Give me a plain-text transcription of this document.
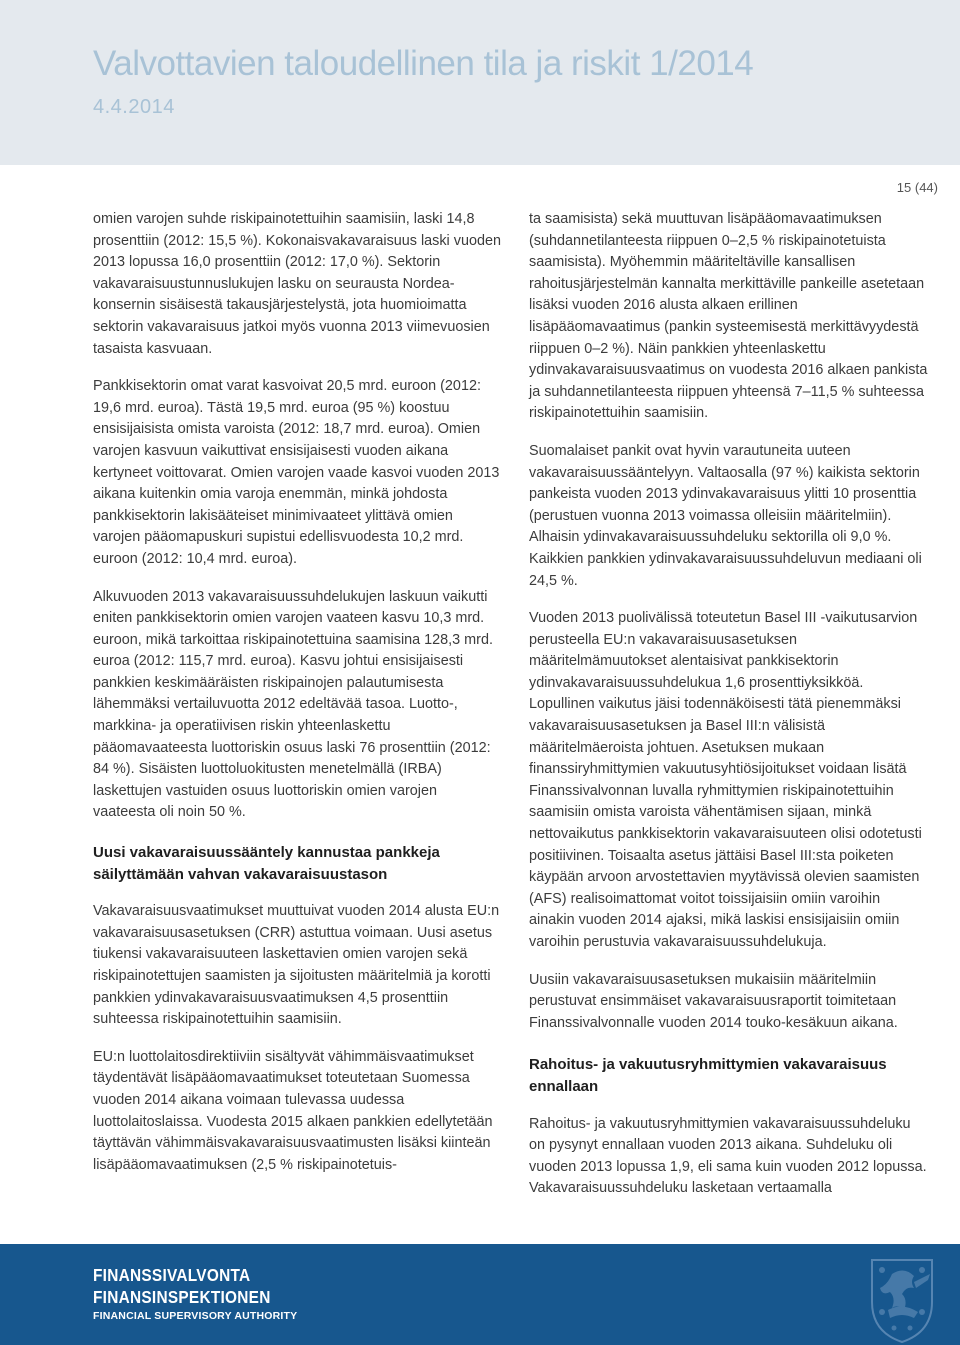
Valvottavien taloudellinen tila ja riskit 1/2014
4.4.2014
15 (44)

omien varojen suhde riskipainotettuihin saamisiin, laski 14,8 prosenttiin (2012: 15,5 %). Kokonaisvakavaraisuus laski vuoden 2013 lopussa 16,0 prosenttiin (2012: 17,0 %). Sektorin vakavaraisuustunnuslukujen lasku on seurausta Nordea-konsernin sisäisestä takausjärjestelystä, jota huomioimatta sektorin vakavaraisuus jatkoi myös vuonna 2013 viimevuosien tasaista kasvuaan.

Pankkisektorin omat varat kasvoivat 20,5 mrd. euroon (2012: 19,6 mrd. euroa). Tästä 19,5 mrd. euroa (95 %) koostuu ensisijaisista omista varoista (2012: 18,7 mrd. euroa). Omien varojen kasvuun vaikuttivat ensisijaisesti vuoden aikana kertyneet voittovarat. Omien varojen vaade kasvoi vuoden 2013 aikana kuitenkin omia varoja enemmän, minkä johdosta pankkisektorin lakisääteiset minimivaateet ylittävä omien varojen pääomapuskuri supistui edellisvuodesta 10,2 mrd. euroon (2012: 10,4 mrd. euroa).

Alkuvuoden 2013 vakavaraisuussuhdelukujen laskuun vaikutti eniten pankkisektorin omien varojen vaateen kasvu 10,3 mrd. euroon, mikä tarkoittaa riskipainotettuina saamisina 128,3 mrd. euroa (2012: 115,7 mrd. euroa). Kasvu johtui ensisijaisesti pankkien keskimääräisten riskipainojen palautumisesta lähemmäksi vertailuvuotta 2012 edeltävää tasoa. Luotto-, markkina- ja operatiivisen riskin yhteenlaskettu pääomavaateesta luottoriskin osuus laski 76 prosenttiin (2012: 84 %). Sisäisten luottoluokitusten menetelmällä (IRBA) laskettujen vastuiden osuus luottoriskin omien varojen vaateesta oli noin 50 %.

Uusi vakavaraisuussääntely kannustaa pankkeja säilyttämään vahvan vakavaraisuustason

Vakavaraisuusvaatimukset muuttuivat vuoden 2014 alusta EU:n vakavaraisuusasetuksen (CRR) astuttua voimaan. Uusi asetus tiukensi vakavaraisuuteen laskettavien omien varojen sekä riskipainotettujen saamisten ja sijoitusten määritelmiä ja korotti pankkien ydinvakavaraisuusvaatimuksen 4,5 prosenttiin suhteessa riskipainotettuihin saamisiin.

EU:n luottolaitosdirektiiviin sisältyvät vähimmäisvaatimukset täydentävät lisäpääomavaatimukset toteutetaan Suomessa vuoden 2014 aikana voimaan tulevassa uudessa luottolaitoslaissa. Vuodesta 2015 alkaen pankkien edellytetään täyttävän vähimmäisvakavaraisuusvaatimusten lisäksi kiinteän lisäpääomavaatimuksen (2,5 % riskipainotetuis-

ta saamisista) sekä muuttuvan lisäpääomavaatimuksen (suhdannetilanteesta riippuen 0–2,5 % riskipainotetuista saamisista). Myöhemmin määriteltäville kansallisen rahoitusjärjestelmän kannalta merkittäville pankeille asetetaan lisäksi vuoden 2016 alusta alkaen erillinen lisäpääomavaatimus (pankin systeemisestä merkittävyydestä riippuen 0–2 %). Näin pankkien yhteenlaskettu ydinvakavaraisuusvaatimus on vuodesta 2016 alkaen pankista ja suhdannetilanteesta riippuen yhteensä 7–11,5 % suhteessa riskipainotettuihin saamisiin.

Suomalaiset pankit ovat hyvin varautuneita uuteen vakavaraisuussääntelyyn. Valtaosalla (97 %) kaikista sektorin pankeista vuoden 2013 ydinvakavaraisuus ylitti 10 prosenttia (perustuen vuonna 2013 voimassa olleisiin määritelmiin). Alhaisin ydinvakavaraisuussuhdeluku sektorilla oli 9,0 %. Kaikkien pankkien ydinvakavaraisuussuhdeluvun mediaani oli 24,5 %.

Vuoden 2013 puolivälissä toteutetun Basel III -vaikutusarvion perusteella EU:n vakavaraisuusasetuksen määritelmämuutokset alentaisivat pankkisektorin ydinvakavaraisuussuhdelukua 1,6 prosenttiyksikköä. Lopullinen vaikutus jäisi todennäköisesti tätä pienemmäksi vakavaraisuusasetuksen ja Basel III:n välisistä määritelmäeroista johtuen. Asetuksen mukaan finanssiryhmittymien vakuutusyhtiösijoitukset voidaan lisätä Finanssivalvonnan luvalla ryhmittymien riskipainotettuihin saamisiin omista varoista vähentämisen sijaan, minkä nettovaikutus pankkisektorin vakavaraisuuteen olisi odotetusti positiivinen. Toisaalta asetus jättäisi Basel III:sta poiketen käypään arvoon arvostettavien myytävissä olevien saamisten (AFS) realisoimattomat voitot toissijaisiin omiin varoihin ainakin vuoden 2014 ajaksi, mikä laskisi ensisijaisiin omiin varoihin perustuvia vakavaraisuussuhdelukuja.

Uusiin vakavaraisuusasetuksen mukaisiin määritelmiin perustuvat ensimmäiset vakavaraisuusraportit toimitetaan Finanssivalvonnalle vuoden 2014 touko-kesäkuun aikana.

Rahoitus- ja vakuutusryhmittymien vakavaraisuus ennallaan

Rahoitus- ja vakuutusryhmittymien vakavaraisuussuhdeluku on pysynyt ennallaan vuoden 2013 aikana. Suhdeluku oli vuoden 2013 lopussa 1,9, eli sama kuin vuoden 2012 lopussa. Vakavaraisuussuhdeluku lasketaan vertaamalla

FINANSSIVALVONTA
FINANSINSPEKTIONEN
FINANCIAL SUPERVISORY AUTHORITY
